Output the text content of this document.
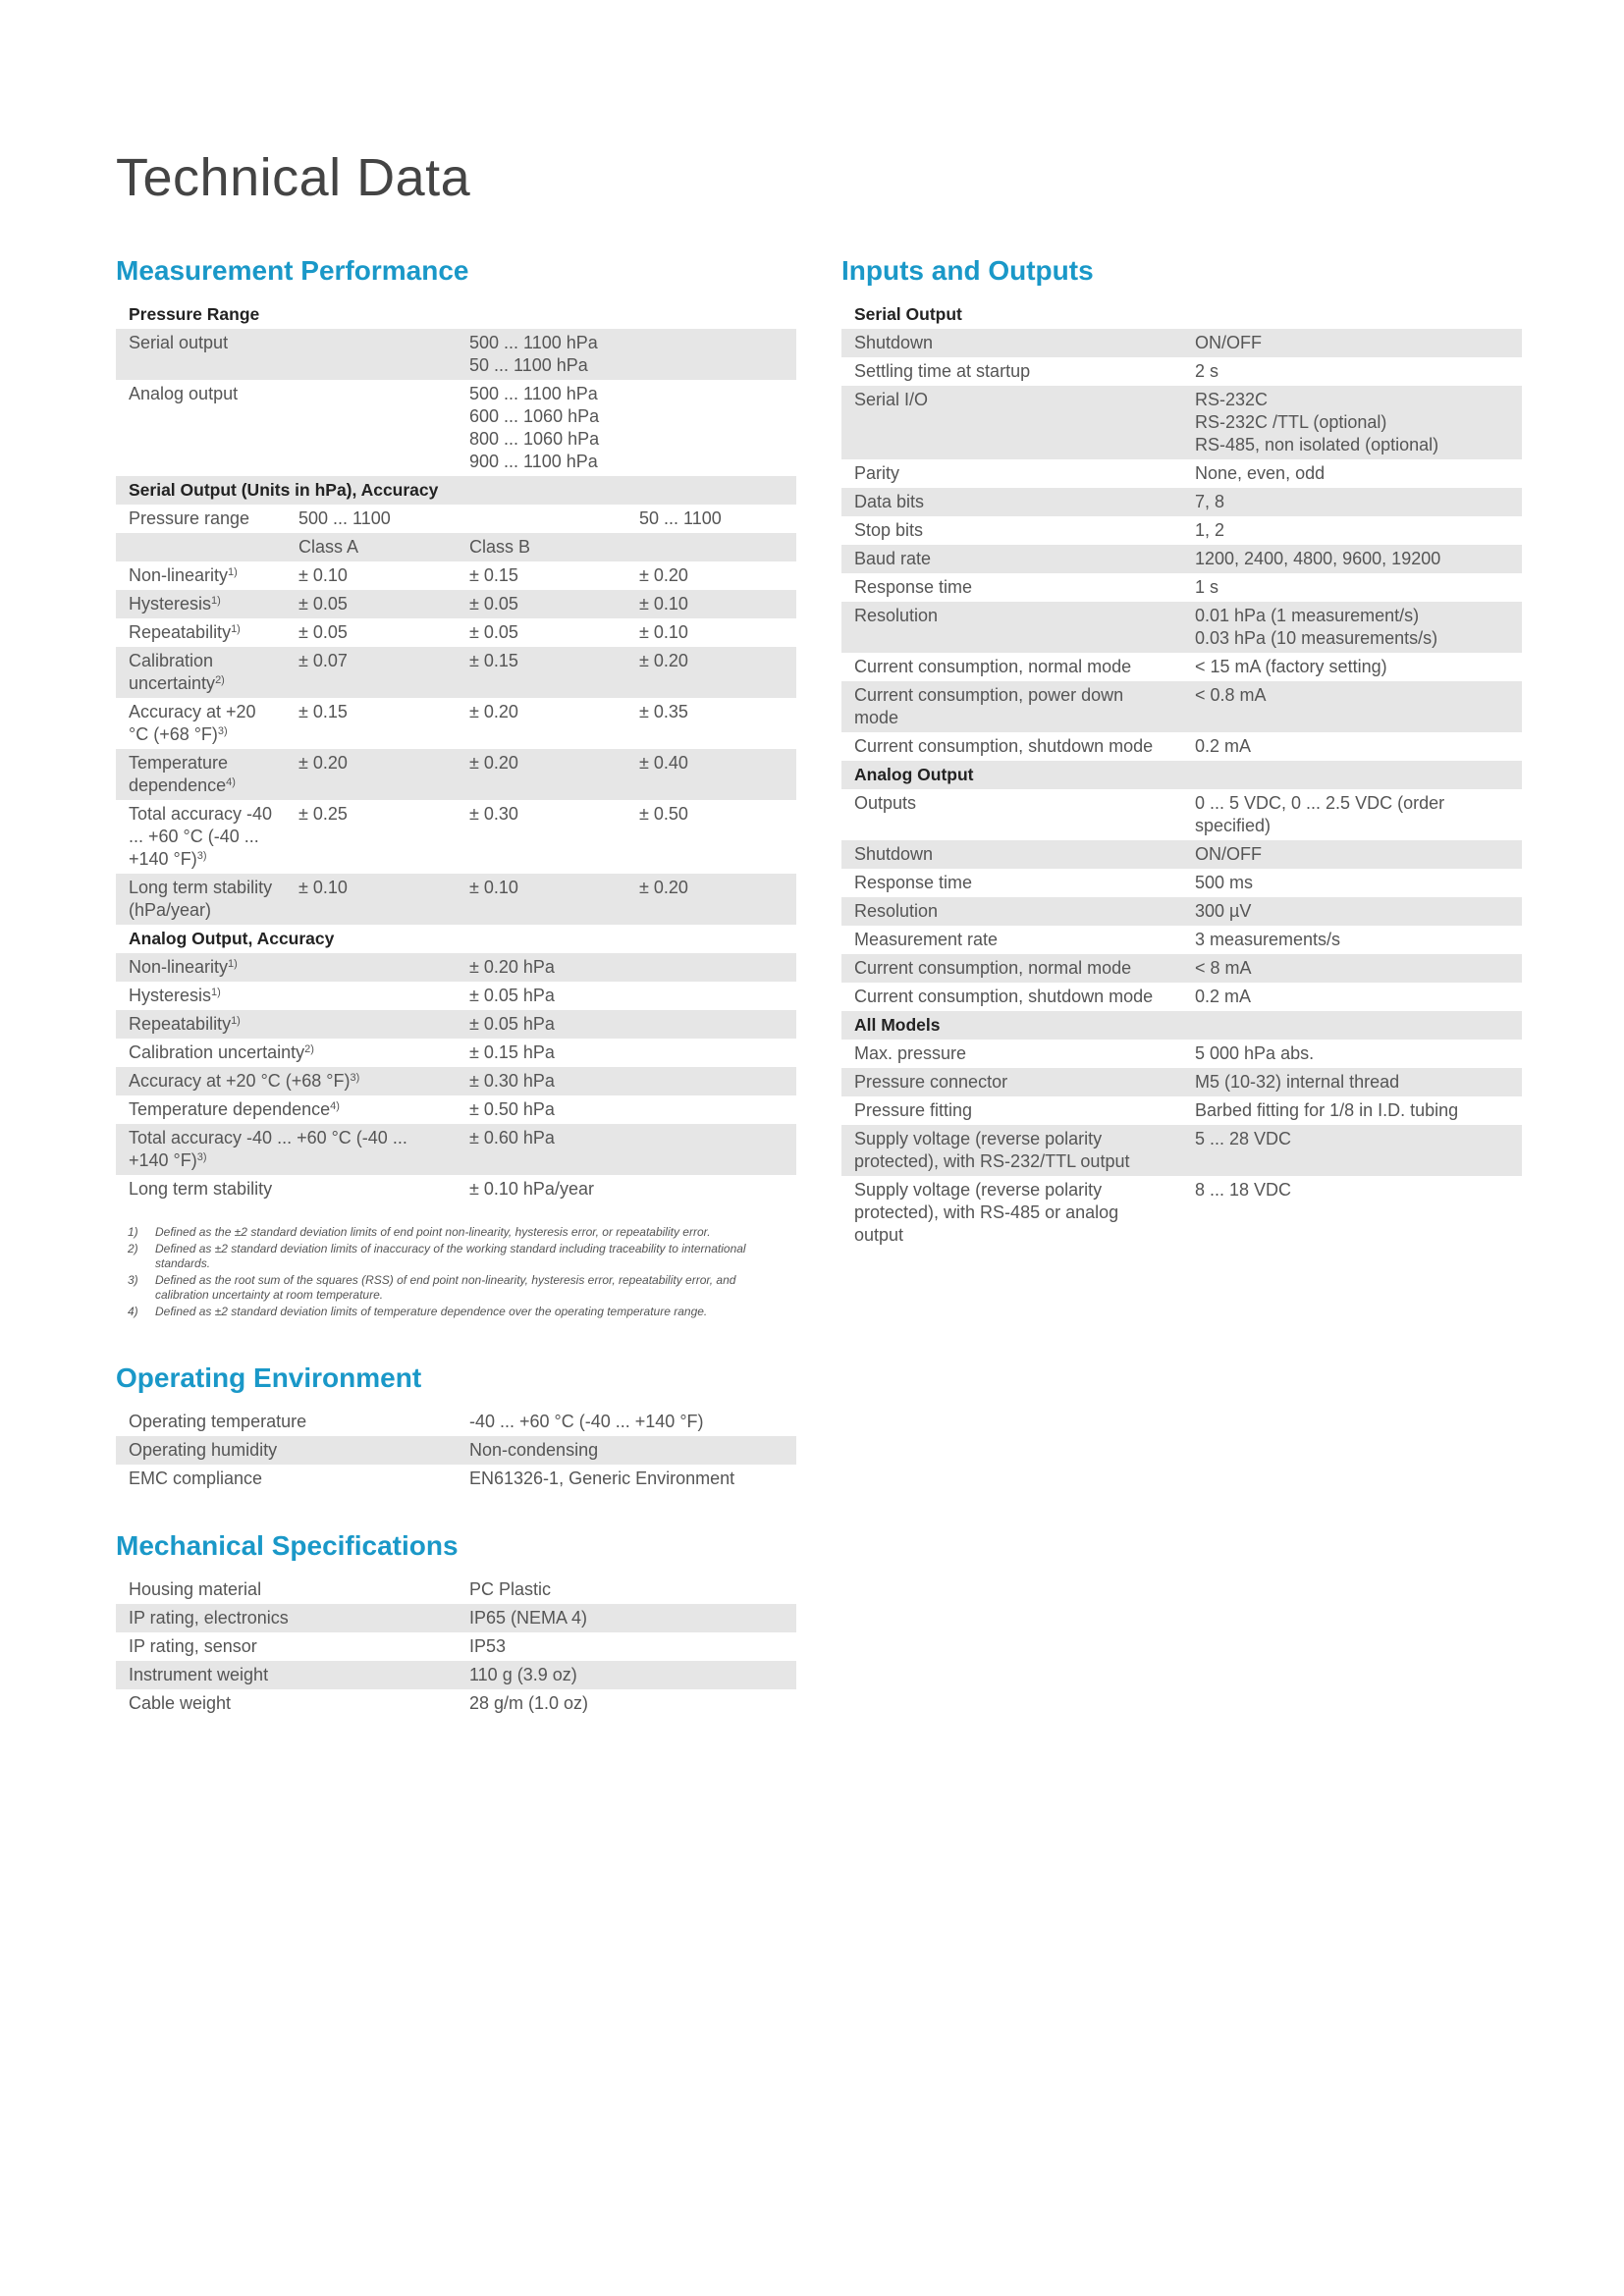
Technical Data
Measurement Performance
Pressure Range			
Serial output		500 ... 1100 hPa
50 ... 1100 hPa	

Analog output		500 ... 1100 hPa
600 ... 1060 hPa
800 ... 1060 hPa
900 ... 1100 hPa	

Serial Output (Units in hPa), Accuracy			
Pressure range	500 ... 1100		50 ... 1100
	Class A	Class B	
Non-linearity$^{1)}$	± 0.10	± 0.15	± 0.20
Hysteresis$^{1)}$	± 0.05	± 0.05	± 0.10
Repeatability$^{1)}$	± 0.05	± 0.05	± 0.10
Calibration uncertainty$^{2)}$	± 0.07	± 0.15	± 0.20
Accuracy at +20 °C (+68 °F)$^{3)}$	± 0.15	± 0.20	± 0.35
Temperature dependence$^{4)}$	± 0.20	± 0.20	± 0.40
Total accuracy -40 ... +60 °C (-40 ... +140 °F)$^{3)}$	± 0.25	± 0.30	± 0.50
Long term stability (hPa/year)	± 0.10	± 0.10	± 0.20
Analog Output, Accuracy			
Non-linearity$^{1)}$		± 0.20 hPa	
Hysteresis$^{1)}$		± 0.05 hPa	
Repeatability$^{1)}$		± 0.05 hPa	
Calibration uncertainty$^{2)}$		± 0.15 hPa	
Accuracy at +20 °C (+68 °F)$^{3)}$		± 0.30 hPa	
Temperature dependence$^{4)}$		± 0.50 hPa	
Total accuracy -40 ... +60 °C (-40 ... +140 °F)$^{3)}$		± 0.60 hPa	
Long term stability		± 0.10 hPa/year	
1)	Defined as the ±2 standard deviation limits of end point non-linearity, hysteresis error, or repeatability error.
2)	Defined as ±2 standard deviation limits of inaccuracy of the working standard including traceability to international standards.
3)	Defined as the root sum of the squares (RSS) of end point non-linearity, hysteresis error, repeatability error, and calibration uncertainty at room temperature.
4)	Defined as ±2 standard deviation limits of temperature dependence over the operating temperature range.
Operating Environment
Operating temperature	-40 ... +60 °C (-40 ... +140 °F)
Operating humidity	Non-condensing
EMC compliance	EN61326-1, Generic Environment
Mechanical Specifications
Housing material	PC Plastic
IP rating, electronics	IP65 (NEMA 4)
IP rating, sensor	IP53
Instrument weight	110 g (3.9 oz)
Cable weight	28 g/m (1.0 oz)
Inputs and Outputs
Serial Output	
Shutdown	ON/OFF

Settling time at startup	2 s

Serial I/O	RS-232C
RS-232C /TTL (optional)
RS-485, non isolated (optional)

Parity	None, even, odd

Data bits	7, 8

Stop bits	1, 2

Baud rate	1200, 2400, 4800, 9600, 19200

Response time	1 s

Resolution	0.01 hPa (1 measurement/s)
0.03 hPa (10 measurements/s)

Current consumption, normal mode	< 15 mA (factory setting)

Current consumption, power down mode	< 0.8 mA

Current consumption, shutdown mode	0.2 mA

Analog Output	
Outputs	0 ... 5 VDC, 0 ... 2.5 VDC (order specified)

Shutdown	ON/OFF

Response time	500 ms

Resolution	300 µV

Measurement rate	3 measurements/s

Current consumption, normal mode	< 8 mA

Current consumption, shutdown mode	0.2 mA

All Models	
Max. pressure	5 000 hPa abs.

Pressure connector	M5 (10-32) internal thread

Pressure fitting	Barbed fitting for 1/8 in I.D. tubing

Supply voltage (reverse polarity protected), with RS-232/TTL output	5 ... 28 VDC

Supply voltage (reverse polarity protected), with RS-485 or analog output	8 ... 18 VDC
